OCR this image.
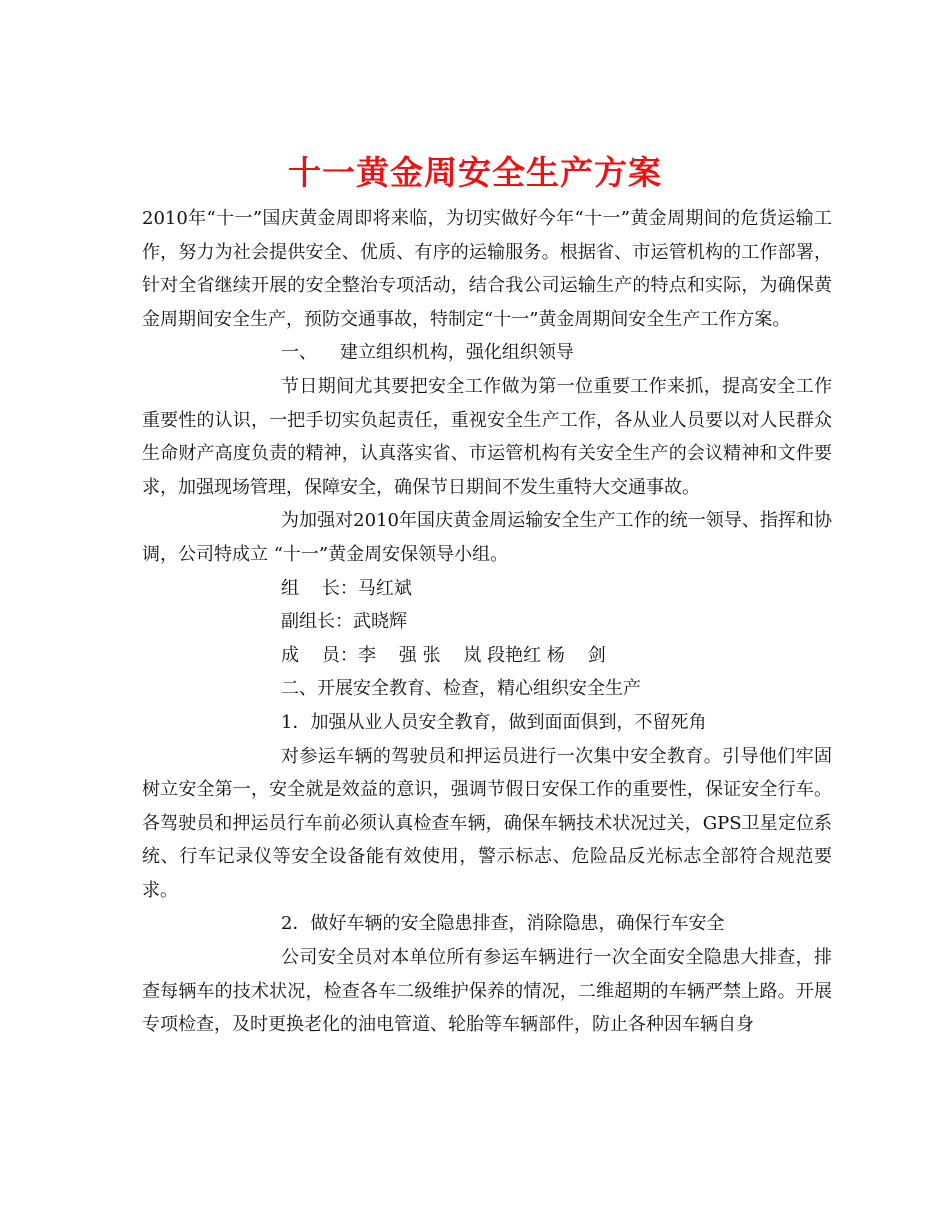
十一黄金周安全生产方案

2010年“十一”国庆黄金周即将来临，为切实做好今年“十一”黄金周期间的危货运输工作，努力为社会提供安全、优质、有序的运输服务。根据省、市运管机构的工作部署，针对全省继续开展的安全整治专项活动，结合我公司运输生产的特点和实际，为确保黄金周期间安全生产，预防交通事故，特制定“十一”黄金周期间安全生产工作方案。

一、    建立组织机构，强化组织领导

节日期间尤其要把安全工作做为第一位重要工作来抓，提高安全工作重要性的认识，一把手切实负起责任，重视安全生产工作，各从业人员要以对人民群众生命财产高度负责的精神，认真落实省、市运管机构有关安全生产的会议精神和文件要求，加强现场管理，保障安全，确保节日期间不发生重特大交通事故。

为加强对2010年国庆黄金周运输安全生产工作的统一领导、指挥和协调，公司特成立 “十一”黄金周安保领导小组。

组    长：马红斌

副组长：武晓辉

成    员：李    强 张    岚 段艳红 杨    剑

二、开展安全教育、检查，精心组织安全生产

1．加强从业人员安全教育，做到面面俱到，不留死角

对参运车辆的驾驶员和押运员进行一次集中安全教育。引导他们牢固树立安全第一，安全就是效益的意识，强调节假日安保工作的重要性，保证安全行车。各驾驶员和押运员行车前必须认真检查车辆，确保车辆技术状况过关，GPS卫星定位系统、行车记录仪等安全设备能有效使用，警示标志、危险品反光标志全部符合规范要求。

2．做好车辆的安全隐患排查，消除隐患，确保行车安全

公司安全员对本单位所有参运车辆进行一次全面安全隐患大排查，排查每辆车的技术状况，检查各车二级维护保养的情况，二维超期的车辆严禁上路。开展专项检查，及时更换老化的油电管道、轮胎等车辆部件，防止各种因车辆自身
